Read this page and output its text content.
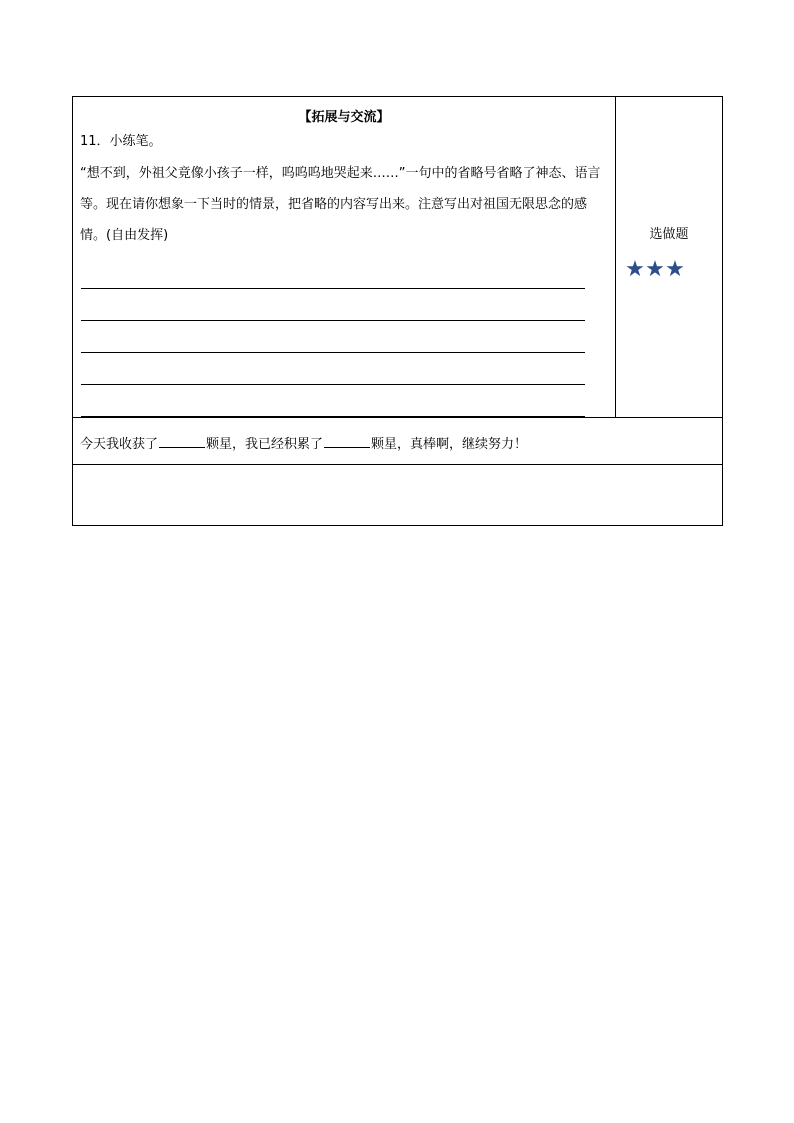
【拓展与交流】
11．小练笔。
“想不到，外祖父竟像小孩子一样，呜呜呜地哭起来……”一句中的省略号省略了神态、语言等。现在请你想象一下当时的情景，把省略的内容写出来。注意写出对祖国无限思念的感情。(自由发挥)	选做题
★★★

今天我收获了	颗星，我已经积累了	颗星，真棒啊，继续努力！
